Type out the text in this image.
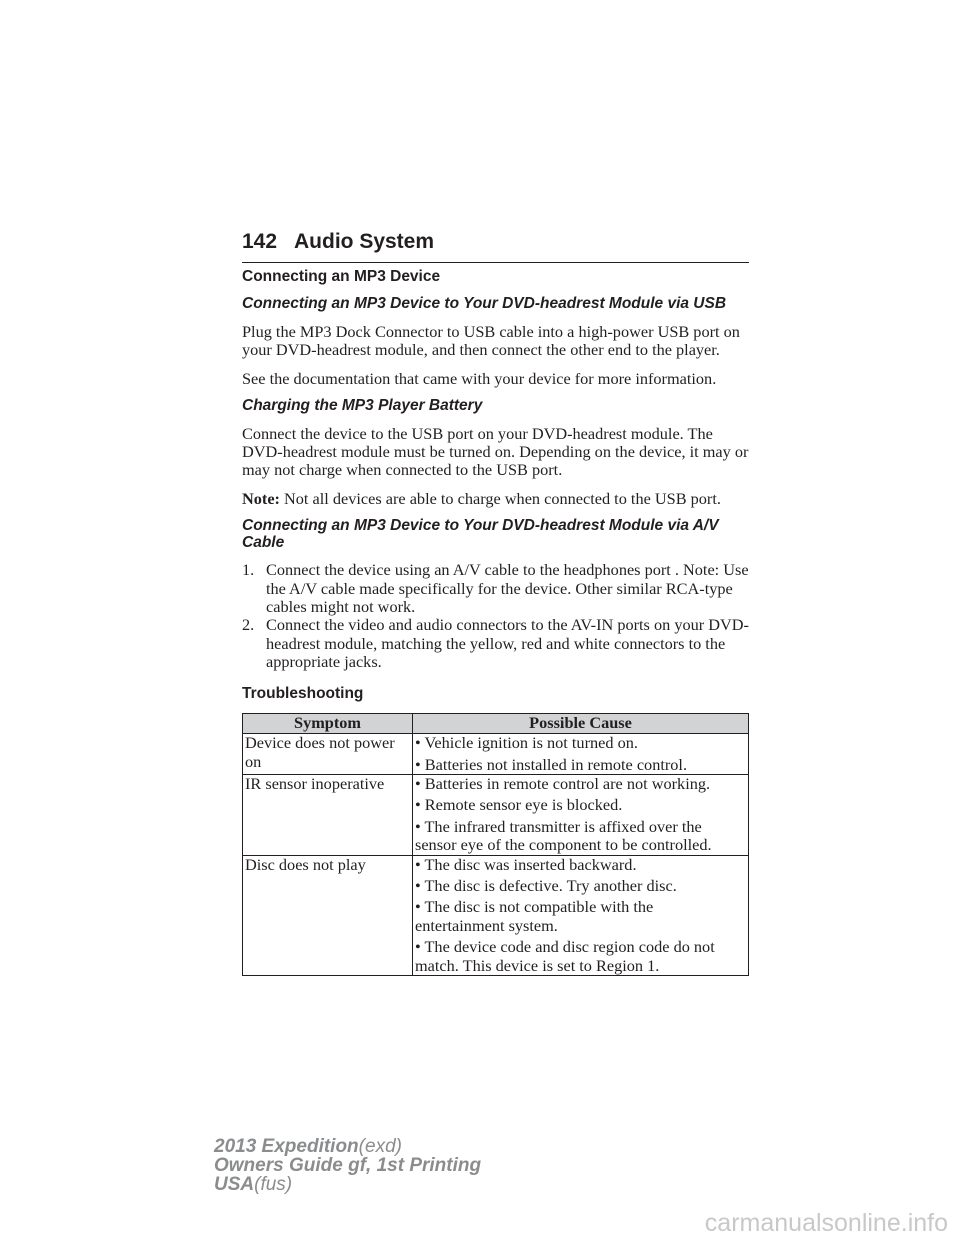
142 Audio System
Connecting an MP3 Device
Connecting an MP3 Device to Your DVD-headrest Module via USB

Plug the MP3 Dock Connector to USB cable into a high-power USB port on your DVD-headrest module, and then connect the other end to the player.

See the documentation that came with your device for more information.

Charging the MP3 Player Battery

Connect the device to the USB port on your DVD-headrest module. The DVD-headrest module must be turned on. Depending on the device, it may or may not charge when connected to the USB port.

Note: Not all devices are able to charge when connected to the USB port.

Connecting an MP3 Device to Your DVD-headrest Module via A/V
Cable
1. Connect the device using an A/V cable to the headphones port . Note: Use the A/V cable made specifically for the device. Other similar RCA-type cables might not work.
2. Connect the video and audio connectors to the AV-IN ports on your DVD-headrest module, matching the yellow, red and white connectors to the appropriate jacks.
Troubleshooting
Symptom	Possible Cause
Device does not power on	• Vehicle ignition is not turned on.
• Batteries not installed in remote control.

IR sensor inoperative	• Batteries in remote control are not working.
• Remote sensor eye is blocked.
• The infrared transmitter is affixed over the sensor eye of the component to be controlled.

Disc does not play	• The disc was inserted backward.
• The disc is defective. Try another disc.
• The disc is not compatible with the entertainment system.
• The device code and disc region code do not match. This device is set to Region 1.
2013 Expedition(exd)
Owners Guide gf, 1st Printing
USA(fus)
carmanualsonline.info
